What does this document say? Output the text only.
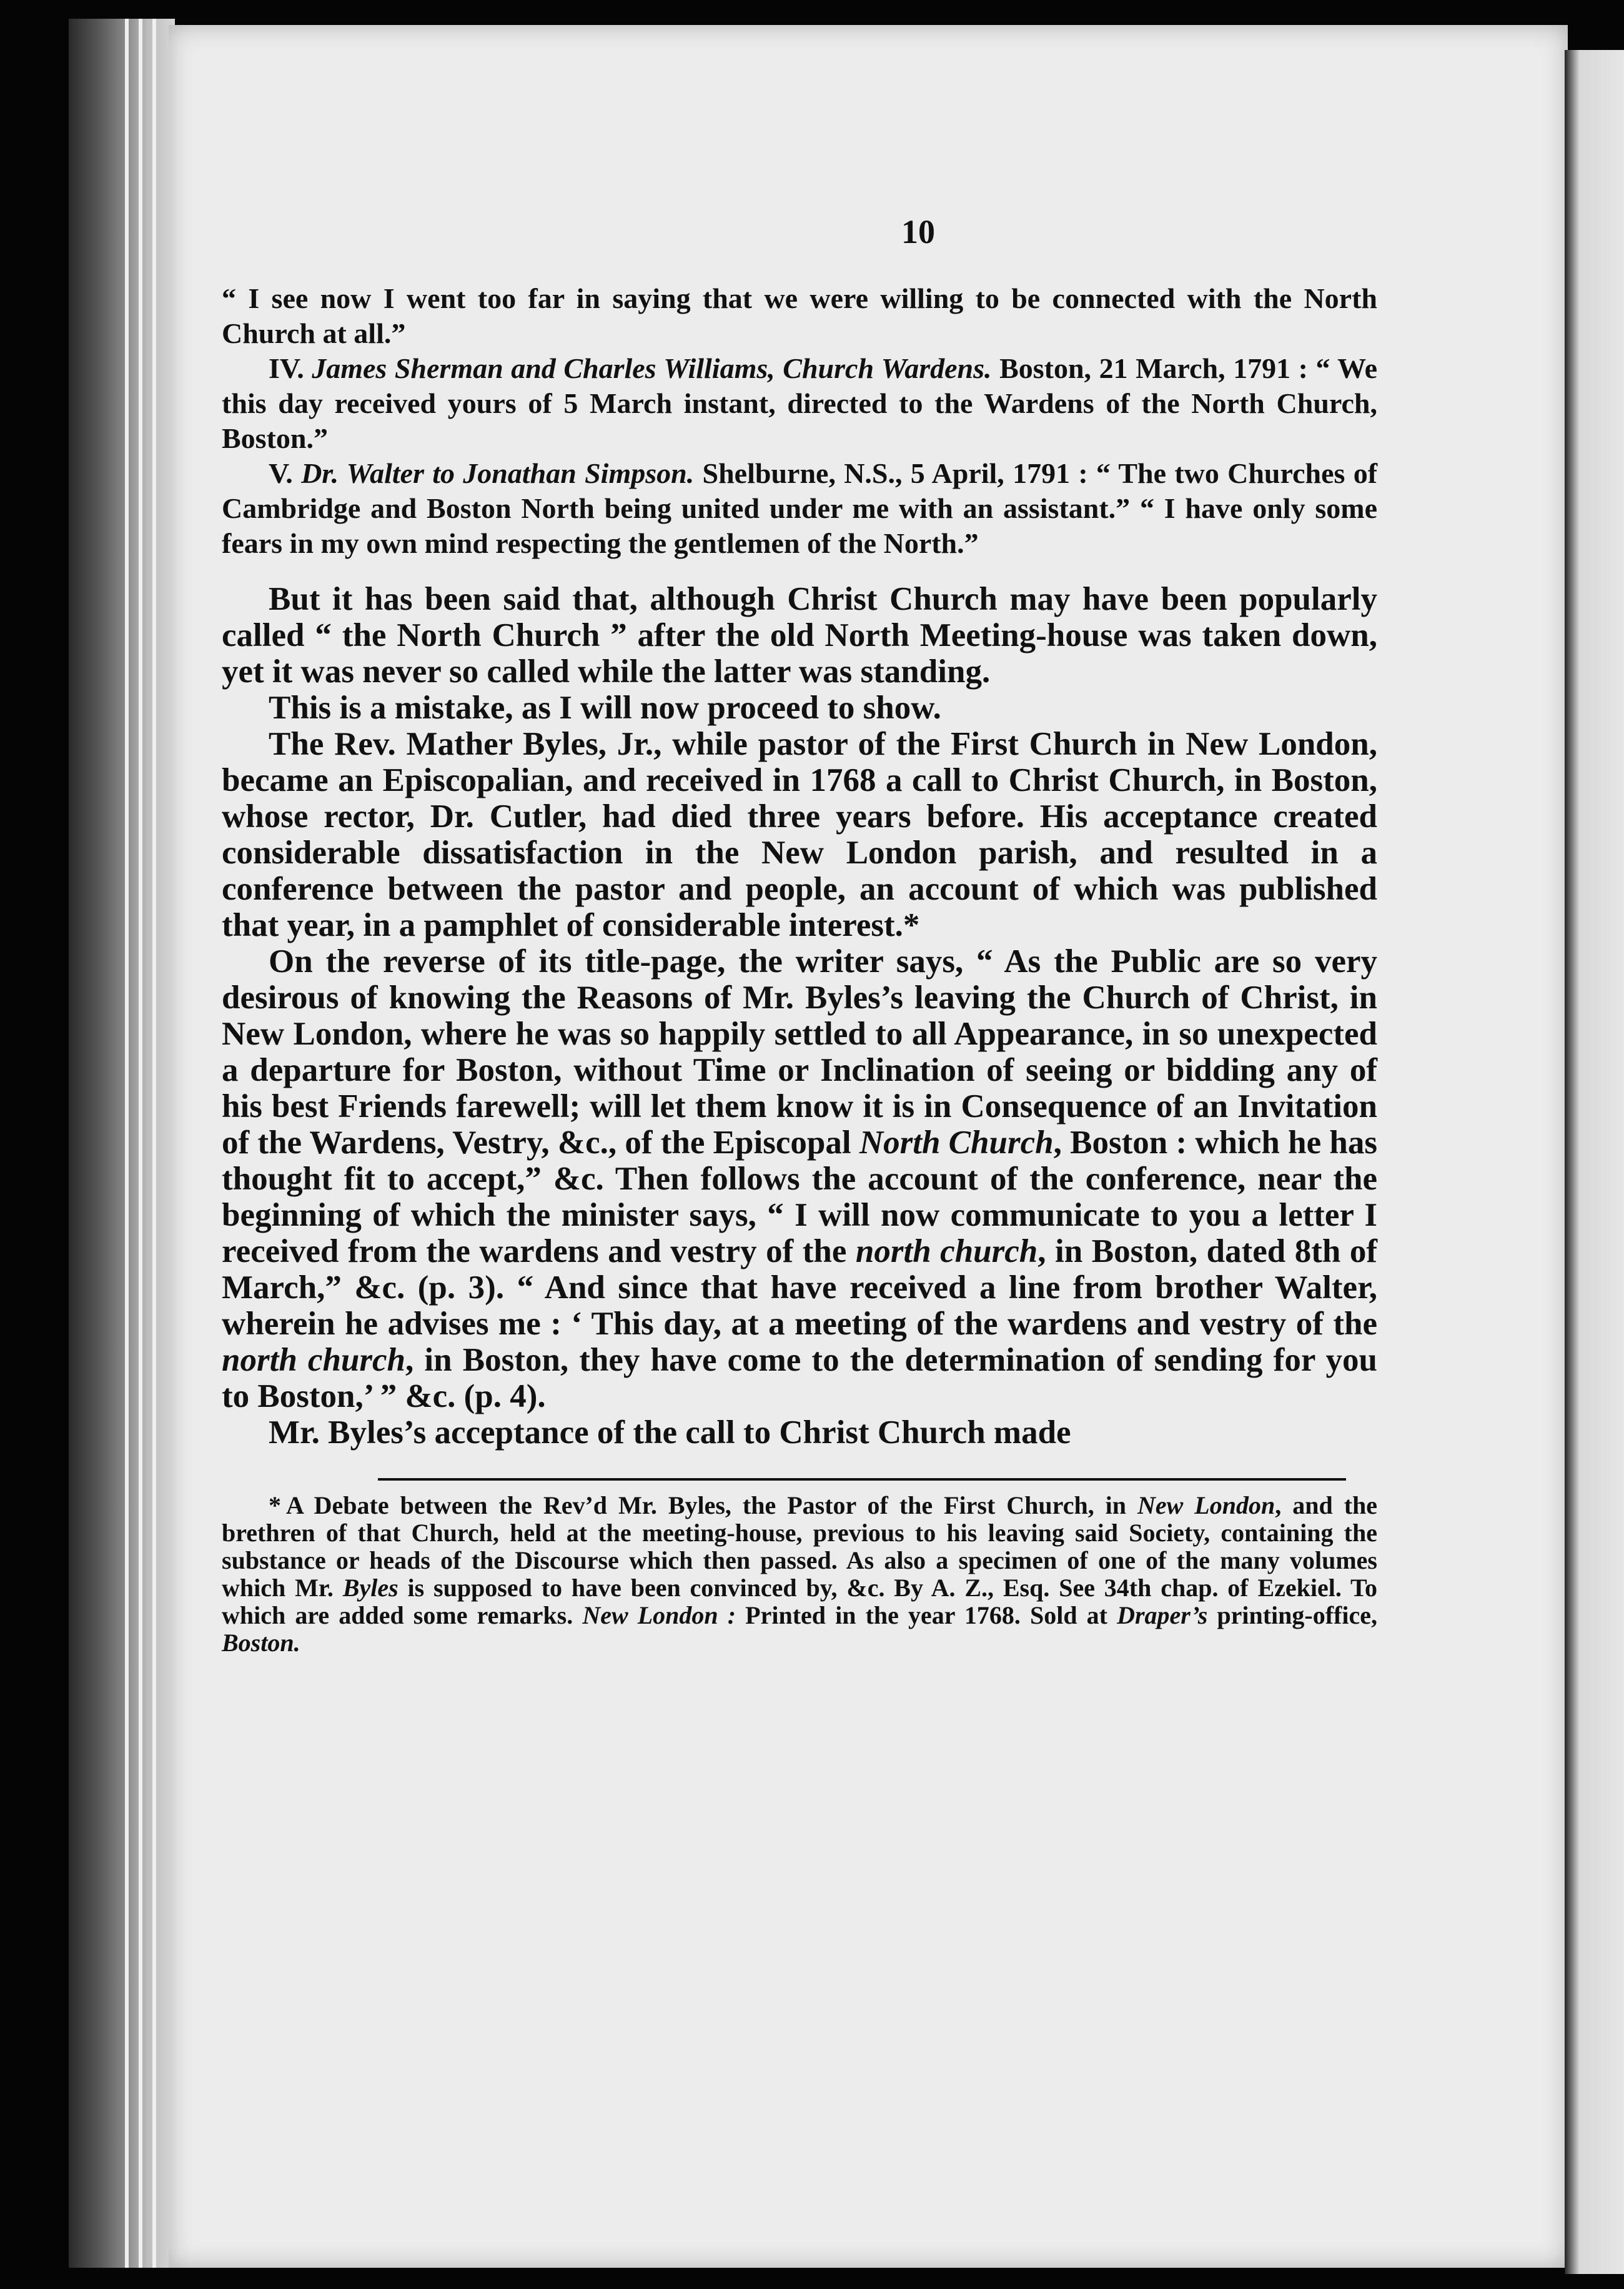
10

“ I see now I went too far in saying that we were willing to be connected with the North Church at all.”

IV. James Sherman and Charles Williams, Church Wardens. Boston, 21 March, 1791 : “ We this day received yours of 5 March instant, directed to the Wardens of the North Church, Boston.”

V. Dr. Walter to Jonathan Simpson. Shelburne, N.S., 5 April, 1791 : “ The two Churches of Cambridge and Boston North being united under me with an assistant.” “ I have only some fears in my own mind respecting the gentlemen of the North.”

But it has been said that, although Christ Church may have been popularly called “ the North Church ” after the old North Meeting-house was taken down, yet it was never so called while the latter was standing.

This is a mistake, as I will now proceed to show.

The Rev. Mather Byles, Jr., while pastor of the First Church in New London, became an Episcopalian, and received in 1768 a call to Christ Church, in Boston, whose rector, Dr. Cutler, had died three years before. His acceptance created considerable dissatisfaction in the New London parish, and resulted in a conference between the pastor and people, an account of which was published that year, in a pamphlet of considerable interest.*

On the reverse of its title-page, the writer says, “ As the Public are so very desirous of knowing the Reasons of Mr. Byles’s leaving the Church of Christ, in New London, where he was so happily settled to all Appearance, in so unexpected a departure for Boston, without Time or Inclination of seeing or bidding any of his best Friends farewell; will let them know it is in Consequence of an Invitation of the Wardens, Vestry, &c., of the Episcopal North Church, Boston : which he has thought fit to accept,” &c. Then follows the account of the conference, near the beginning of which the minister says, “ I will now communicate to you a letter I received from the wardens and vestry of the north church, in Boston, dated 8th of March,” &c. (p. 3). “ And since that have received a line from brother Walter, wherein he advises me : ‘ This day, at a meeting of the wardens and vestry of the north church, in Boston, they have come to the determination of sending for you to Boston,’ ” &c. (p. 4).

Mr. Byles’s acceptance of the call to Christ Church made

* A Debate between the Rev’d Mr. Byles, the Pastor of the First Church, in New London, and the brethren of that Church, held at the meeting-house, previous to his leaving said Society, containing the substance or heads of the Discourse which then passed. As also a specimen of one of the many volumes which Mr. Byles is supposed to have been convinced by, &c. By A. Z., Esq. See 34th chap. of Ezekiel. To which are added some remarks. New London : Printed in the year 1768. Sold at Draper’s printing-office, Boston.
